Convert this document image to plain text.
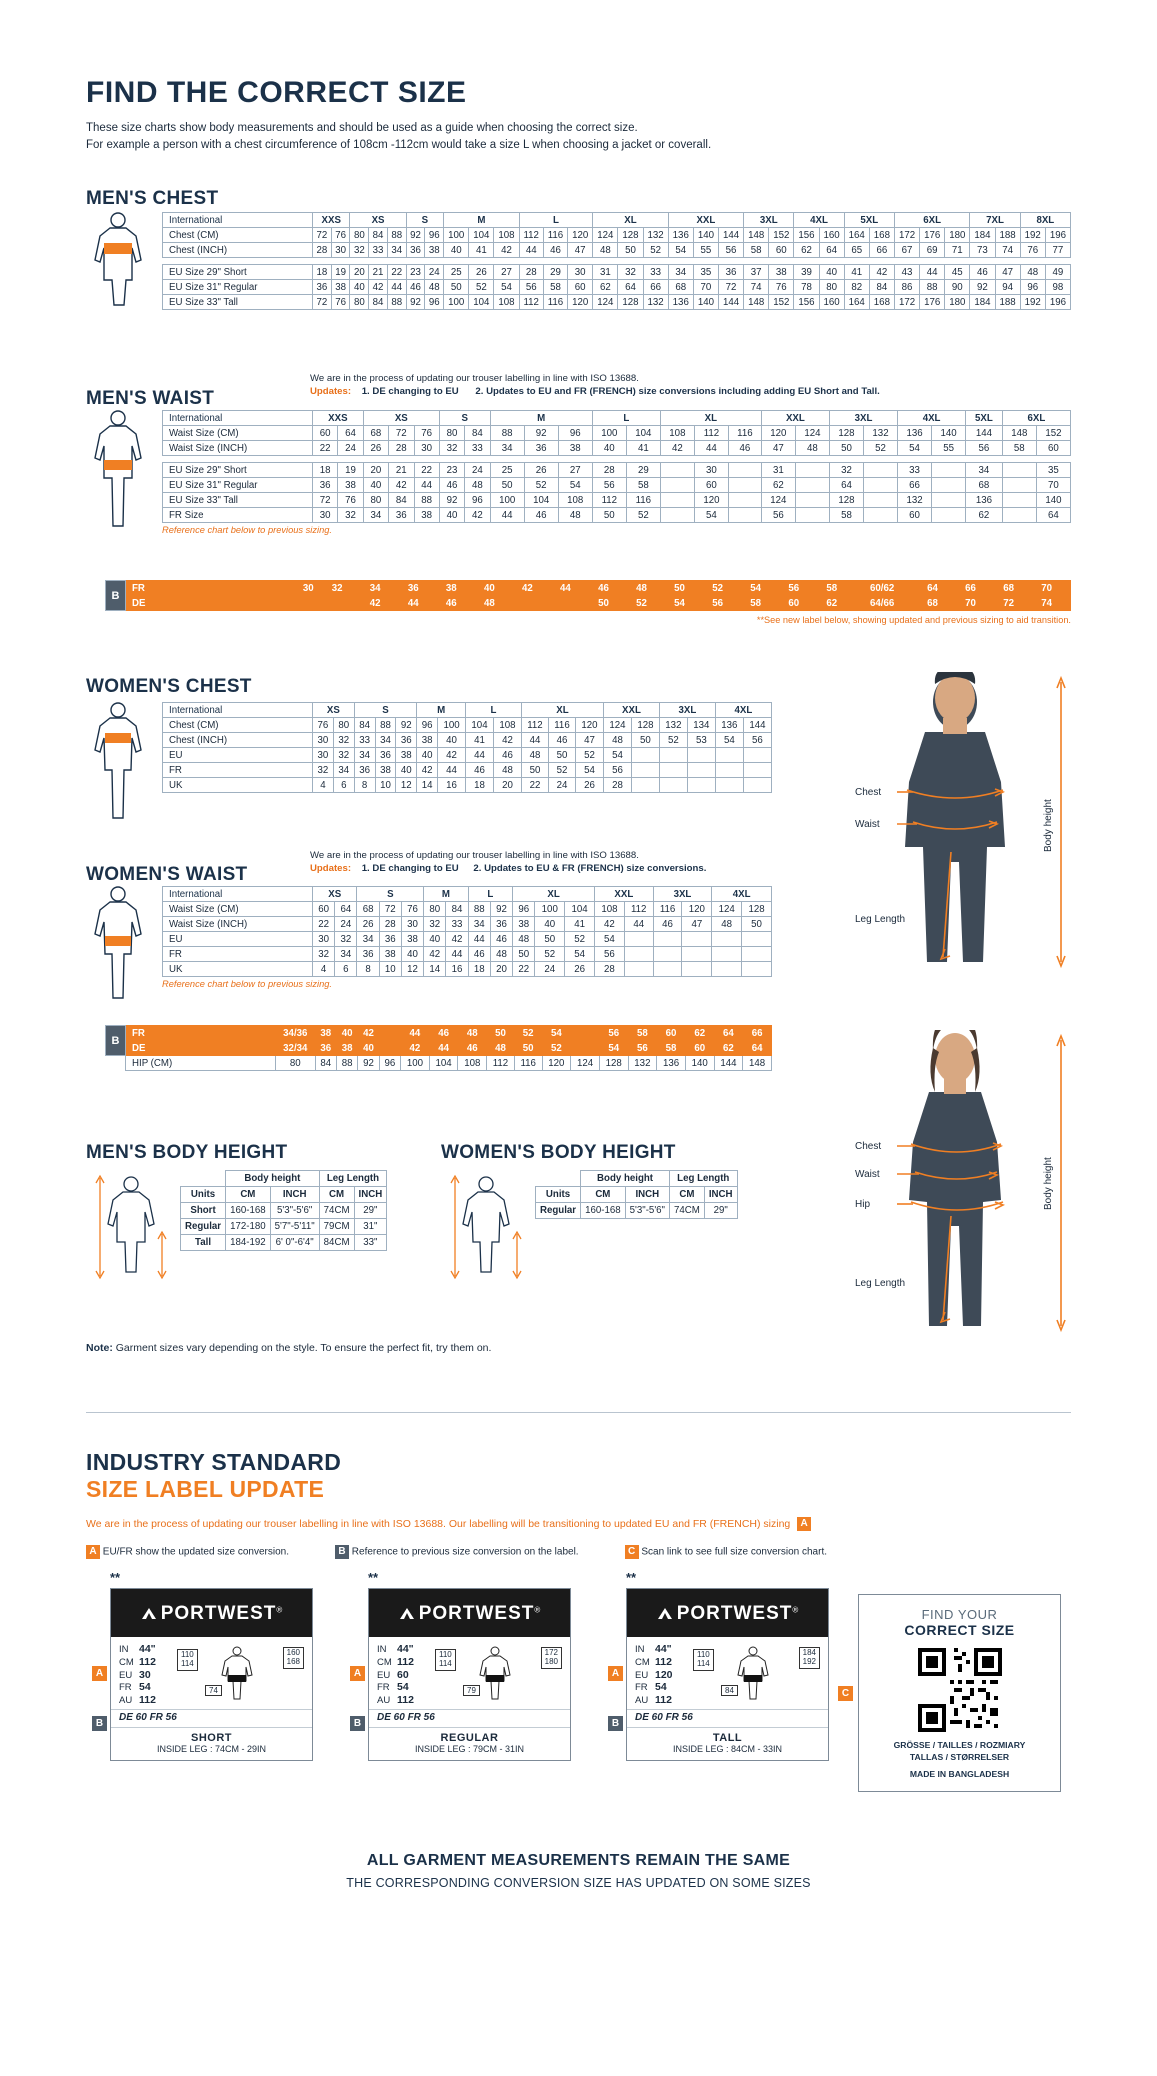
FIND THE CORRECT SIZE
These size charts show body measurements and should be used as a guide when choosing the correct size.
For example a person with a chest circumference of 108cm -112cm would take a size L when choosing a jacket or coverall.
MEN'S CHEST
International	XXS		XS			S		M			L			XL			XXL			3XL		4XL		5XL		6XL			7XL		8XL	
Chest (CM)	72	76	80	84	88	92	96	100	104	108	112	116	120	124	128	132	136	140	144	148	152	156	160	164	168	172	176	180	184	188	192	196
Chest (INCH)	28	30	32	33	34	36	38	40	41	42	44	46	47	48	50	52	54	55	56	58	60	62	64	65	66	67	69	71	73	74	76	77

EU Size 29" Short	18	19	20	21	22	23	24	25	26	27	28	29	30	31	32	33	34	35	36	37	38	39	40	41	42	43	44	45	46	47	48	49
EU Size 31" Regular	36	38	40	42	44	46	48	50	52	54	56	58	60	62	64	66	68	70	72	74	76	78	80	82	84	86	88	90	92	94	96	98
EU Size 33" Tall	72	76	80	84	88	92	96	100	104	108	112	116	120	124	128	132	136	140	144	148	152	156	160	164	168	172	176	180	184	188	192	196
MEN'S WAIST
We are in the process of updating our trouser labelling in line with ISO 13688.
Updates: 1. DE changing to EU 2. Updates to EU and FR (FRENCH) size conversions including adding EU Short and Tall.
International	XXS		XS			S		M			L		XL			XXL		3XL		4XL		5XL	6XL	
Waist Size (CM)	60	64	68	72	76	80	84	88	92	96	100	104	108	112	116	120	124	128	132	136	140	144	148	152
Waist Size (INCH)	22	24	26	28	30	32	33	34	36	38	40	41	42	44	46	47	48	50	52	54	55	56	58	60

EU Size 29" Short	18	19	20	21	22	23	24	25	26	27	28	29		30		31		32		33		34		35
EU Size 31" Regular	36	38	40	42	44	46	48	50	52	54	56	58		60		62		64		66		68		70
EU Size 33" Tall	72	76	80	84	88	92	96	100	104	108	112	116		120		124		128		132		136		140
FR Size	30	32	34	36	38	40	42	44	46	48	50	52		54		56		58		60		62		64
Reference chart below to previous sizing.
B	FR			30	32		34		36		38		40		42		44		46		48		50		52		54		56		58		60/62		64		66		68		70	
	DE						42		44		46		48						50		52		54		56		58		60		62		64/66		68		70		72		74	
**See new label below, showing updated and previous sizing to aid transition.
WOMEN'S CHEST
International	XS		S			M		L		XL			XXL		3XL		4XL	
Chest (CM)	76	80	84	88	92	96	100	104	108	112	116	120	124	128	132	134	136	144
Chest (INCH)	30	32	33	34	36	38	40	41	42	44	46	47	48	50	52	53	54	56
EU	30	32	34	36	38	40	42	44	46	48	50	52	54					
FR	32	34	36	38	40	42	44	46	48	50	52	54	56					
UK	4	6	8	10	12	14	16	18	20	22	24	26	28					
WOMEN'S WAIST
We are in the process of updating our trouser labelling in line with ISO 13688.
Updates: 1. DE changing to EU 2. Updates to EU & FR (FRENCH) size conversions.
International	XS		S			M		L		XL			XXL		3XL		4XL	
Waist Size (CM)	60	64	68	72	76	80	84	88	92	96	100	104	108	112	116	120	124	128
Waist Size (INCH)	22	24	26	28	30	32	33	34	36	38	40	41	42	44	46	47	48	50
EU	30	32	34	36	38	40	42	44	46	48	50	52	54					
FR	32	34	36	38	40	42	44	46	48	50	52	54	56					
UK	4	6	8	10	12	14	16	18	20	22	24	26	28					
Reference chart below to previous sizing.
B	FR	34/36	38	40	42		44	46	48	50	52	54		56	58	60	62	64	66
	DE	32/34	36	38	40		42	44	46	48	50	52		54	56	58	60	62	64
	HIP (CM)	80	84	88	92	96	100	104	108	112	116	120	124	128	132	136	140	144	148
MEN'S BODY HEIGHT	WOMEN'S BODY HEIGHT
	Body height		Leg Length	
Units	CM	INCH	CM	INCH
Short	160-168	5'3"-5'6"	74CM	29"
Regular	172-180	5'7"-5'11"	79CM	31"
Tall	184-192	6' 0"-6'4"	84CM	33"
	Body height		Leg Length	
Units	CM	INCH	CM	INCH
Regular	160-168	5'3"-5'6"	74CM	29"
Chest
Waist
Leg Length
Body height
Chest
Waist
Hip
Leg Length
Body height
Note: Garment sizes vary depending on the style. To ensure the perfect fit, try them on.
INDUSTRY STANDARD
SIZE LABEL UPDATE
We are in the process of updating our trouser labelling in line with ISO 13688. Our labelling will be transitioning to updated EU and FR (FRENCH) sizing A
A EU/FR show the updated size conversion.	B Reference to previous size conversion on the label.	C Scan link to see full size conversion chart.
**
A
B
PORTWEST®
IN 44"
CM 112
EU 30
FR 54
AU 112
110
114
160
168
74
DE 60 FR 56
SHORT
INSIDE LEG : 74CM - 29IN
**
A
B
PORTWEST®
IN 44"
CM 112
EU 60
FR 54
AU 112
110
114
172
180
79
DE 60 FR 56
REGULAR
INSIDE LEG : 79CM - 31IN
**
A
B
PORTWEST®
IN 44"
CM 112
EU 120
FR 54
AU 112
110
114
184
192
84
DE 60 FR 56
TALL
INSIDE LEG : 84CM - 33IN
C
FIND YOUR
CORRECT SIZE
GRÖSSE / TAILLES / ROZMIARY
TALLAS / STØRRELSER
MADE IN BANGLADESH
ALL GARMENT MEASUREMENTS REMAIN THE SAME
THE CORRESPONDING CONVERSION SIZE HAS UPDATED ON SOME SIZES
